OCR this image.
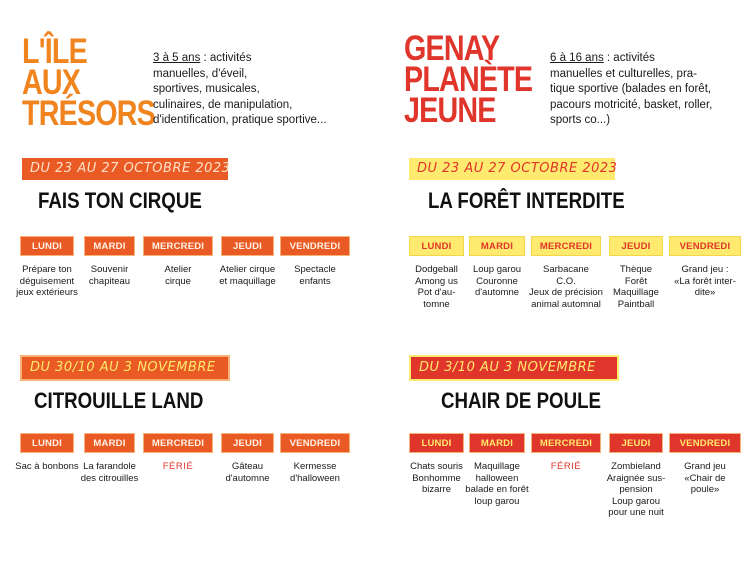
L'ÎLE
AUX
TRÉSORS
3 à 5 ans : activités
manuelles, d'éveil,
sportives, musicales,
culinaires, de manipulation,
d'identification, pratique sportive...
GENAY
PLANÈTE
JEUNE
6 à 16 ans : activités
manuelles et culturelles, pra-
tique sportive (balades en forêt,
pacours motricité, basket, roller,
sports co...)
DU 23 AU 27 OCTOBRE 2023
FAIS TON CIRQUE
DU 23 AU 27 OCTOBRE 2023
LA FORÊT INTERDITE
DU 30/10 AU 3 NOVEMBRE
CITROUILLE LAND
DU 3/10 AU 3 NOVEMBRE
CHAIR DE POULE
LUNDI
Prépare ton
déguisement
jeux extérieurs
MARDI
Souvenir
chapiteau
MERCREDI
Atelier
cirque
JEUDI
Atelier cirque
et maquillage
VENDREDI
Spectacle
enfants
LUNDI
Dodgeball
Among us
Pot d'au-
tomne
MARDI
Loup garou
Couronne
d'automne
MERCREDI
Sarbacane
C.O.
Jeux de précision
animal automnal
JEUDI
Thèque
Forêt
Maquillage
Paintball
VENDREDI
Grand jeu :
«La forêt inter-
dite»
LUNDI
Sac à bonbons
MARDI
La farandole
des citrouilles
MERCREDI
FÉRIÉ
JEUDI
Gâteau
d'automne
VENDREDI
Kermesse
d'halloween
LUNDI
Chats souris
Bonhomme
bizarre
MARDI
Maquillage
halloween
balade en forêt
loup garou
MERCREDI
FÉRIÉ
JEUDI
Zombieland
Araignée sus-
pension
Loup garou
pour une nuit
VENDREDI
Grand jeu
«Chair de
poule»
